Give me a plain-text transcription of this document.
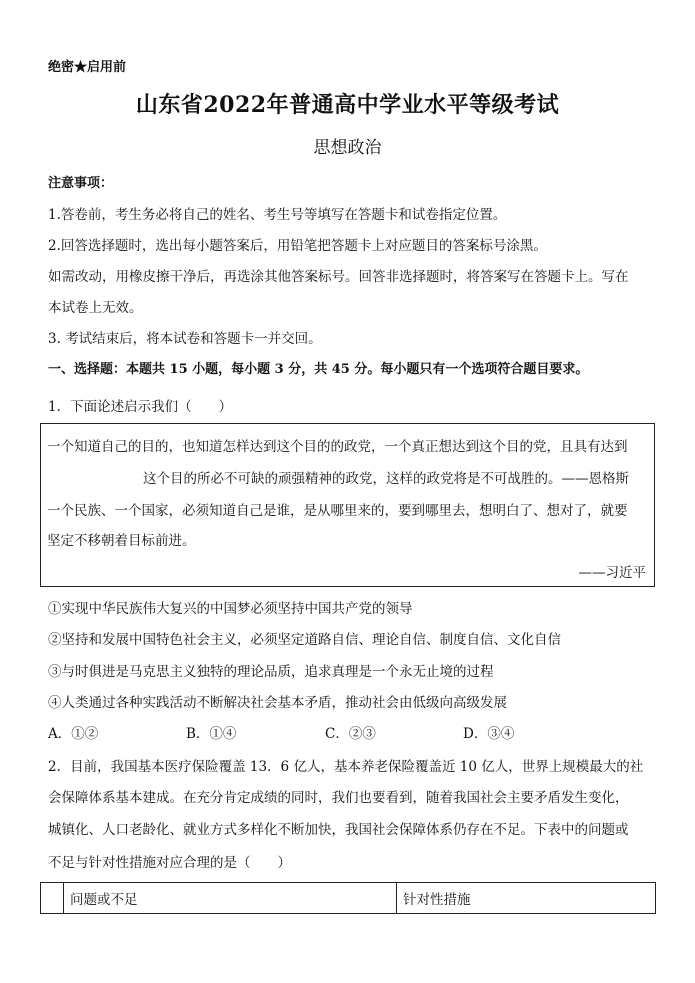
绝密★启用前
山东省2022年普通高中学业水平等级考试
思想政治
注意事项：
1.答卷前，考生务必将自己的姓名、考生号等填写在答题卡和试卷指定位置。
2.回答选择题时，选出每小题答案后，用铅笔把答题卡上对应题目的答案标号涂黑。
如需改动，用橡皮擦干净后，再选涂其他答案标号。回答非选择题时，将答案写在答题卡上。写在
本试卷上无效。
3. 考试结束后，将本试卷和答题卡一并交回。
一、选择题：本题共 15 小题，每小题 3 分，共 45 分。每小题只有一个选项符合题目要求。
1．下面论述启示我们（　　）
一个知道自己的目的，也知道怎样达到这个目的的政党，一个真正想达到这个目的党，且具有达到
这个目的所必不可缺的顽强精神的政党，这样的政党将是不可战胜的。——恩格斯
一个民族、一个国家，必须知道自己是谁，是从哪里来的，要到哪里去，想明白了、想对了，就要
坚定不移朝着目标前进。
——习近平
①实现中华民族伟大复兴的中国梦必须坚持中国共产党的领导
②坚持和发展中国特色社会主义，必须坚定道路自信、理论自信、制度自信、文化自信
③与时俱进是马克思主义独特的理论品质，追求真理是一个永无止境的过程
④人类通过各种实践活动不断解决社会基本矛盾，推动社会由低级向高级发展
A．①②	B．①④	C．②③	D．③④
2．目前，我国基本医疗保险覆盖 13．6 亿人，基本养老保险覆盖近 10 亿人，世界上规模最大的社
会保障体系基本建成。在充分肯定成绩的同时，我们也要看到，随着我国社会主要矛盾发生变化，
城镇化、人口老龄化、就业方式多样化不断加快，我国社会保障体系仍存在不足。下表中的问题或
不足与针对性措施对应合理的是（　　）
	问题或不足	针对性措施
